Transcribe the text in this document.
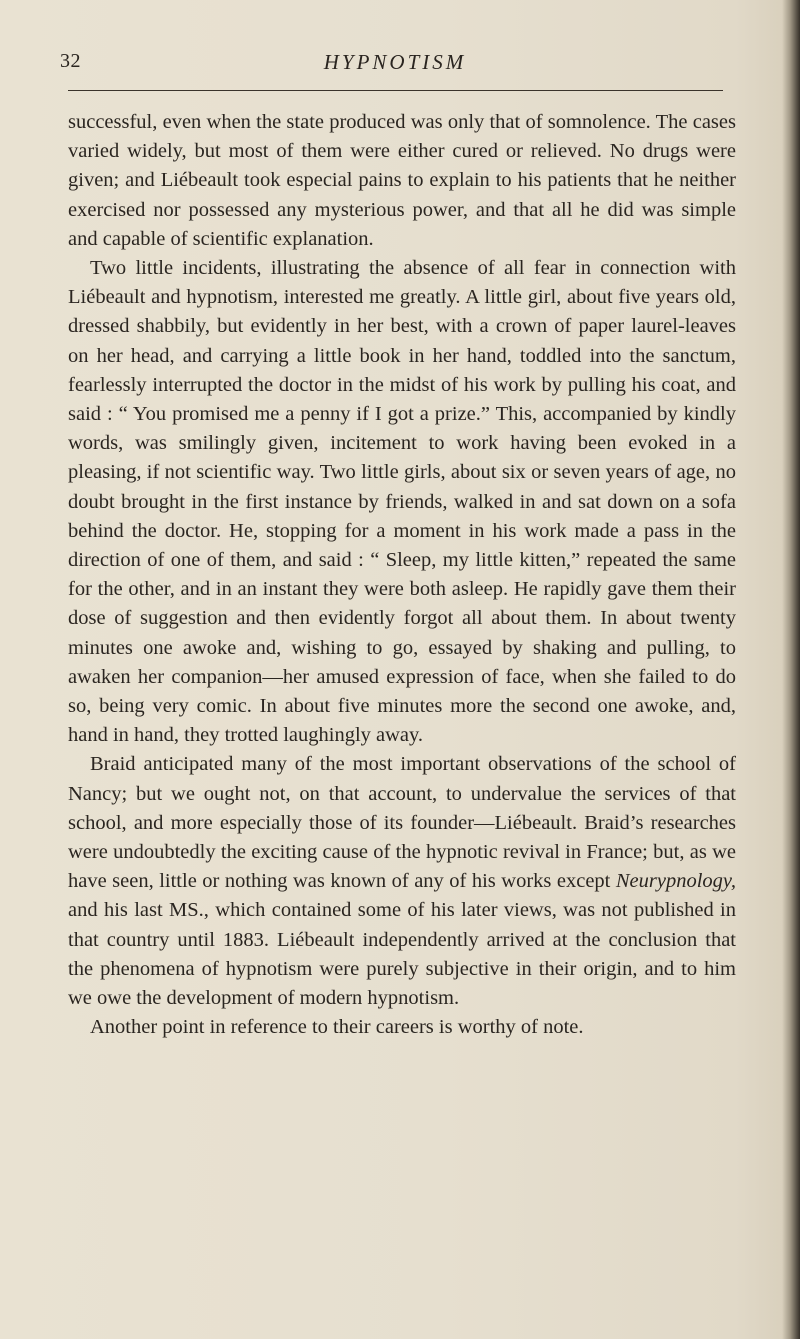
32	HYPNOTISM

successful, even when the state produced was only that of somnolence. The cases varied widely, but most of them were either cured or relieved. No drugs were given; and Liébeault took especial pains to explain to his patients that he neither exercised nor possessed any mysterious power, and that all he did was simple and capable of scientific explanation.

Two little incidents, illustrating the absence of all fear in connection with Liébeault and hypnotism, interested me greatly. A little girl, about five years old, dressed shabbily, but evidently in her best, with a crown of paper laurel-leaves on her head, and carrying a little book in her hand, toddled into the sanctum, fearlessly interrupted the doctor in the midst of his work by pulling his coat, and said : “ You promised me a penny if I got a prize.” This, accompanied by kindly words, was smilingly given, incitement to work having been evoked in a pleasing, if not scientific way. Two little girls, about six or seven years of age, no doubt brought in the first instance by friends, walked in and sat down on a sofa behind the doctor. He, stopping for a moment in his work made a pass in the direction of one of them, and said : “ Sleep, my little kitten,” repeated the same for the other, and in an instant they were both asleep. He rapidly gave them their dose of suggestion and then evidently forgot all about them. In about twenty minutes one awoke and, wishing to go, essayed by shaking and pulling, to awaken her companion—her amused expression of face, when she failed to do so, being very comic. In about five minutes more the second one awoke, and, hand in hand, they trotted laughingly away.

Braid anticipated many of the most important observations of the school of Nancy; but we ought not, on that account, to undervalue the services of that school, and more especially those of its founder—Liébeault. Braid’s researches were undoubtedly the exciting cause of the hypnotic revival in France; but, as we have seen, little or nothing was known of any of his works except Neurypnology, and his last MS., which contained some of his later views, was not published in that country until 1883. Liébeault independently arrived at the conclusion that the phenomena of hypnotism were purely subjective in their origin, and to him we owe the development of modern hypnotism.

Another point in reference to their careers is worthy of note.
